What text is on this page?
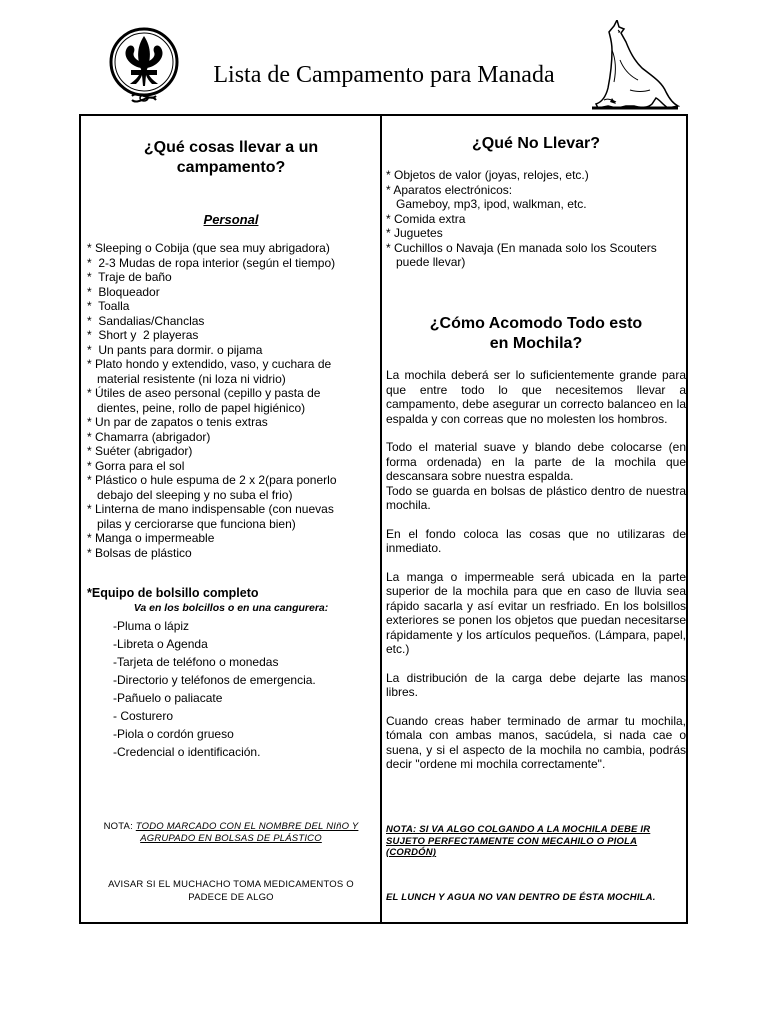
Lista de Campamento para Manada
¿Qué cosas llevar a un
campamento?
Personal
* Sleeping o Cobija (que sea muy abrigadora)
*  2-3 Mudas de ropa interior (según el tiempo)
*  Traje de baño
*  Bloqueador
*  Toalla
*  Sandalias/Chanclas
*  Short y  2 playeras
*  Un pants para dormir. o pijama
* Plato hondo y extendido, vaso, y cuchara de
material resistente (ni loza ni vidrio)
* Útiles de aseo personal (cepillo y pasta de
dientes, peine, rollo de papel higiénico)
* Un par de zapatos o tenis extras
* Chamarra (abrigador)
* Suéter (abrigador)
* Gorra para el sol
* Plástico o hule espuma de 2 x 2(para ponerlo
debajo del sleeping y no suba el frio)
* Linterna de mano indispensable (con nuevas
pilas y cerciorarse que funciona bien)
* Manga o impermeable
* Bolsas de plástico
*Equipo de bolsillo completo
Va en los bolcillos o en una cangurera:
-Pluma o lápiz
-Libreta o Agenda
-Tarjeta de teléfono o monedas
-Directorio y teléfonos de emergencia.
-Pañuelo o paliacate
- Costurero
-Piola o cordón grueso
-Credencial o identificación.
NOTA: TODO MARCADO CON EL NOMBRE DEL NIñO Y
AGRUPADO EN BOLSAS DE PLÁSTICO
AVISAR SI EL MUCHACHO TOMA MEDICAMENTOS O
PADECE DE ALGO
¿Qué No Llevar?
* Objetos de valor (joyas, relojes, etc.)
* Aparatos electrónicos:
Gameboy, mp3, ipod, walkman, etc.
* Comida extra
* Juguetes
* Cuchillos o Navaja (En manada solo los Scouters
puede llevar)
¿Cómo Acomodo Todo esto
en Mochila?

La mochila deberá ser lo suficientemente grande para que entre todo lo que necesitemos llevar a campamento, debe asegurar un correcto balanceo en la espalda y con correas que no molesten los hombros.

Todo el material suave y blando debe colocarse (en forma ordenada) en la parte de la mochila que descansara sobre nuestra espalda.

Todo se guarda en bolsas de plástico dentro de nuestra mochila.

En el fondo coloca las cosas que no utilizaras de inmediato.

La manga o impermeable será ubicada en la parte superior de la mochila para que en caso de lluvia sea rápido sacarla y así evitar un resfriado. En los bolsillos exteriores se ponen los objetos que puedan necesitarse rápidamente y los artículos pequeños. (Lámpara, papel, etc.)

La distribución de la carga debe dejarte las manos libres.

Cuando creas haber terminado de armar tu mochila, tómala con ambas manos, sacúdela, si nada cae o suena, y si el aspecto de la mochila no cambia, podrás decir "ordene mi mochila correctamente".

NOTA: SI VA ALGO COLGANDO A LA MOCHILA DEBE IR
SUJETO PERFECTAMENTE CON MECAHILO O PIOLA
(CORDÓN)
EL LUNCH Y AGUA NO VAN DENTRO DE ÉSTA MOCHILA.
